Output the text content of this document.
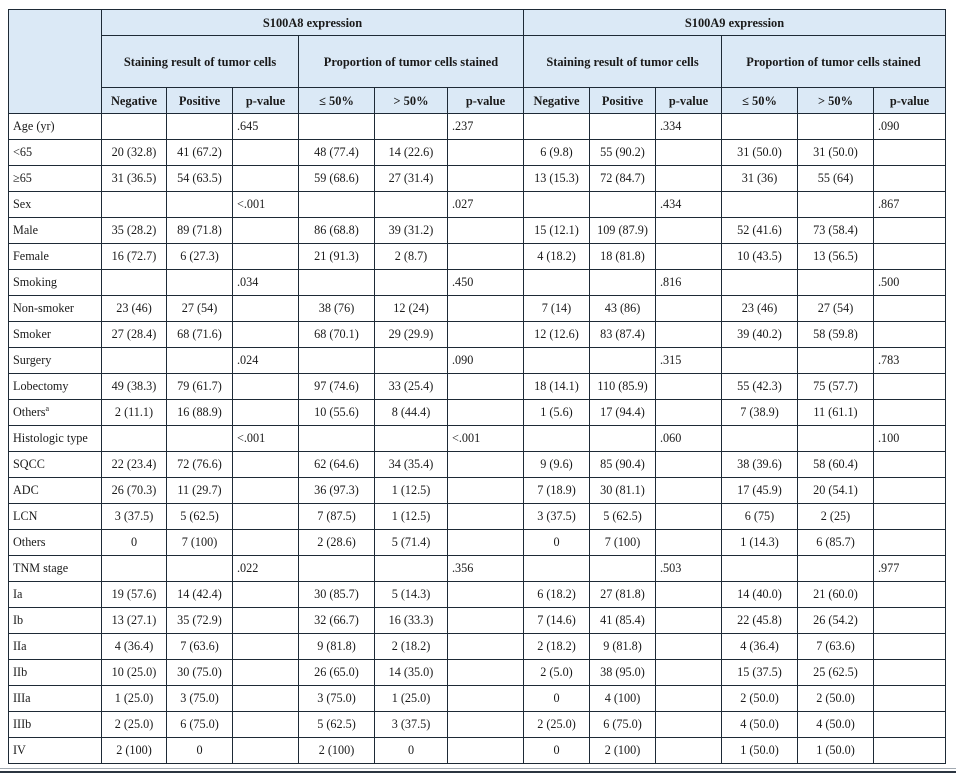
	S100A8 expression						S100A9 expression					
	Staining result of tumor cells			Proportion of tumor cells stained			Staining result of tumor cells			Proportion of tumor cells stained		
	Negative	Positive	p-value	≤ 50%	> 50%	p-value	Negative	Positive	p-value	≤ 50%	> 50%	p-value
Age (yr)			.645			.237			.334			.090
<65	20 (32.8)	41 (67.2)		48 (77.4)	14 (22.6)		6 (9.8)	55 (90.2)		31 (50.0)	31 (50.0)	
≥65	31 (36.5)	54 (63.5)		59 (68.6)	27 (31.4)		13 (15.3)	72 (84.7)		31 (36)	55 (64)	
Sex			<.001			.027			.434			.867
Male	35 (28.2)	89 (71.8)		86 (68.8)	39 (31.2)		15 (12.1)	109 (87.9)		52 (41.6)	73 (58.4)	
Female	16 (72.7)	6 (27.3)		21 (91.3)	2 (8.7)		4 (18.2)	18 (81.8)		10 (43.5)	13 (56.5)	
Smoking			.034			.450			.816			.500
Non-smoker	23 (46)	27 (54)		38 (76)	12 (24)		7 (14)	43 (86)		23 (46)	27 (54)	
Smoker	27 (28.4)	68 (71.6)		68 (70.1)	29 (29.9)		12 (12.6)	83 (87.4)		39 (40.2)	58 (59.8)	
Surgery			.024			.090			.315			.783
Lobectomy	49 (38.3)	79 (61.7)		97 (74.6)	33 (25.4)		18 (14.1)	110 (85.9)		55 (42.3)	75 (57.7)	
Others$^a$	2 (11.1)	16 (88.9)		10 (55.6)	8 (44.4)		1 (5.6)	17 (94.4)		7 (38.9)	11 (61.1)	
Histologic type			<.001			<.001			.060			.100
SQCC	22 (23.4)	72 (76.6)		62 (64.6)	34 (35.4)		9 (9.6)	85 (90.4)		38 (39.6)	58 (60.4)	
ADC	26 (70.3)	11 (29.7)		36 (97.3)	1 (12.5)		7 (18.9)	30 (81.1)		17 (45.9)	20 (54.1)	
LCN	3 (37.5)	5 (62.5)		7 (87.5)	1 (12.5)		3 (37.5)	5 (62.5)		6 (75)	2 (25)	
Others	0	7 (100)		2 (28.6)	5 (71.4)		0	7 (100)		1 (14.3)	6 (85.7)	
TNM stage			.022			.356			.503			.977
Ia	19 (57.6)	14 (42.4)		30 (85.7)	5 (14.3)		6 (18.2)	27 (81.8)		14 (40.0)	21 (60.0)	
Ib	13 (27.1)	35 (72.9)		32 (66.7)	16 (33.3)		7 (14.6)	41 (85.4)		22 (45.8)	26 (54.2)	
IIa	4 (36.4)	7 (63.6)		9 (81.8)	2 (18.2)		2 (18.2)	9 (81.8)		4 (36.4)	7 (63.6)	
IIb	10 (25.0)	30 (75.0)		26 (65.0)	14 (35.0)		2 (5.0)	38 (95.0)		15 (37.5)	25 (62.5)	
IIIa	1 (25.0)	3 (75.0)		3 (75.0)	1 (25.0)		0	4 (100)		2 (50.0)	2 (50.0)	
IIIb	2 (25.0)	6 (75.0)		5 (62.5)	3 (37.5)		2 (25.0)	6 (75.0)		4 (50.0)	4 (50.0)	
IV	2 (100)	0		2 (100)	0		0	2 (100)		1 (50.0)	1 (50.0)	
